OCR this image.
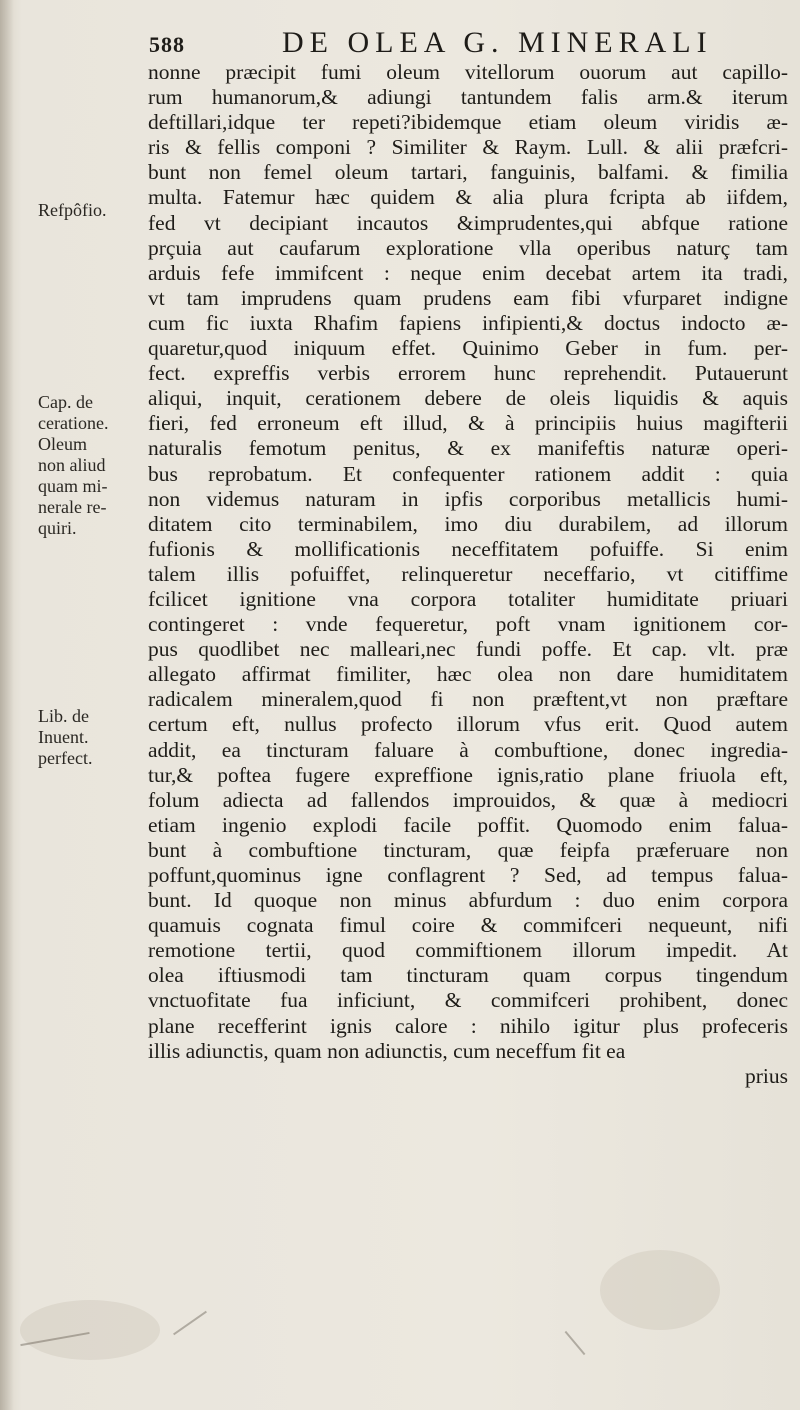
588	DE OLEA G. MINERALI
Refpôfio.
Cap. de
ceratione.
Oleum
non aliud
quam mi-
nerale re-
quiri.
Lib. de
Inuent.
perfect.
nonne præcipit fumi oleum vitellorum ouorum aut capillo-
rum humanorum,& adiungi tantundem falis arm.& iterum
deftillari,idque ter repeti?ibidemque etiam oleum viridis æ-
ris & fellis componi ? Similiter & Raym. Lull. & alii præfcri-
bunt non femel oleum tartari, fanguinis, balfami. & fimilia
multa. Fatemur hæc quidem & alia plura fcripta ab iifdem,
fed vt decipiant incautos &imprudentes,qui abfque ratione
prçuia aut caufarum exploratione vlla operibus naturç tam
arduis fefe immifcent : neque enim decebat artem ita tradi,
vt tam imprudens quam prudens eam fibi vfurparet indigne
cum fic iuxta Rhafim fapiens infipienti,& doctus indocto æ-
quaretur,quod iniquum effet. Quinimo Geber in fum. per-
fect. expreffis verbis errorem hunc reprehendit. Putauerunt
aliqui, inquit, cerationem debere de oleis liquidis & aquis
fieri, fed erroneum eft illud, & à principiis huius magifterii
naturalis femotum penitus, & ex manifeftis naturæ operi-
bus reprobatum. Et confequenter rationem addit : quia
non videmus naturam in ipfis corporibus metallicis humi-
ditatem cito terminabilem, imo diu durabilem, ad illorum
fufionis & mollificationis neceffitatem pofuiffe. Si enim
talem illis pofuiffet, relinqueretur neceffario, vt citiffime
fcilicet ignitione vna corpora totaliter humiditate priuari
contingeret : vnde fequeretur, poft vnam ignitionem cor-
pus quodlibet nec malleari,nec fundi poffe. Et cap. vlt. præ
allegato affirmat fimiliter, hæc olea non dare humiditatem
radicalem mineralem,quod fi non præftent,vt non præftare
certum eft, nullus profecto illorum vfus erit. Quod autem
addit, ea tincturam faluare à combuftione, donec ingredia-
tur,& poftea fugere expreffione ignis,ratio plane friuola eft,
folum adiecta ad fallendos improuidos, & quæ à mediocri
etiam ingenio explodi facile poffit. Quomodo enim falua-
bunt à combuftione tincturam, quæ feipfa præferuare non
poffunt,quominus igne conflagrent ? Sed, ad tempus falua-
bunt. Id quoque non minus abfurdum : duo enim corpora
quamuis cognata fimul coire & commifceri nequeunt, nifi
remotione tertii, quod commiftionem illorum impedit. At
olea iftiusmodi tam tincturam quam corpus tingendum
vnctuofitate fua inficiunt, & commifceri prohibent, donec
plane recefferint ignis calore : nihilo igitur plus profeceris
illis adiunctis, quam non adiunctis, cum neceffum fit ea
prius
